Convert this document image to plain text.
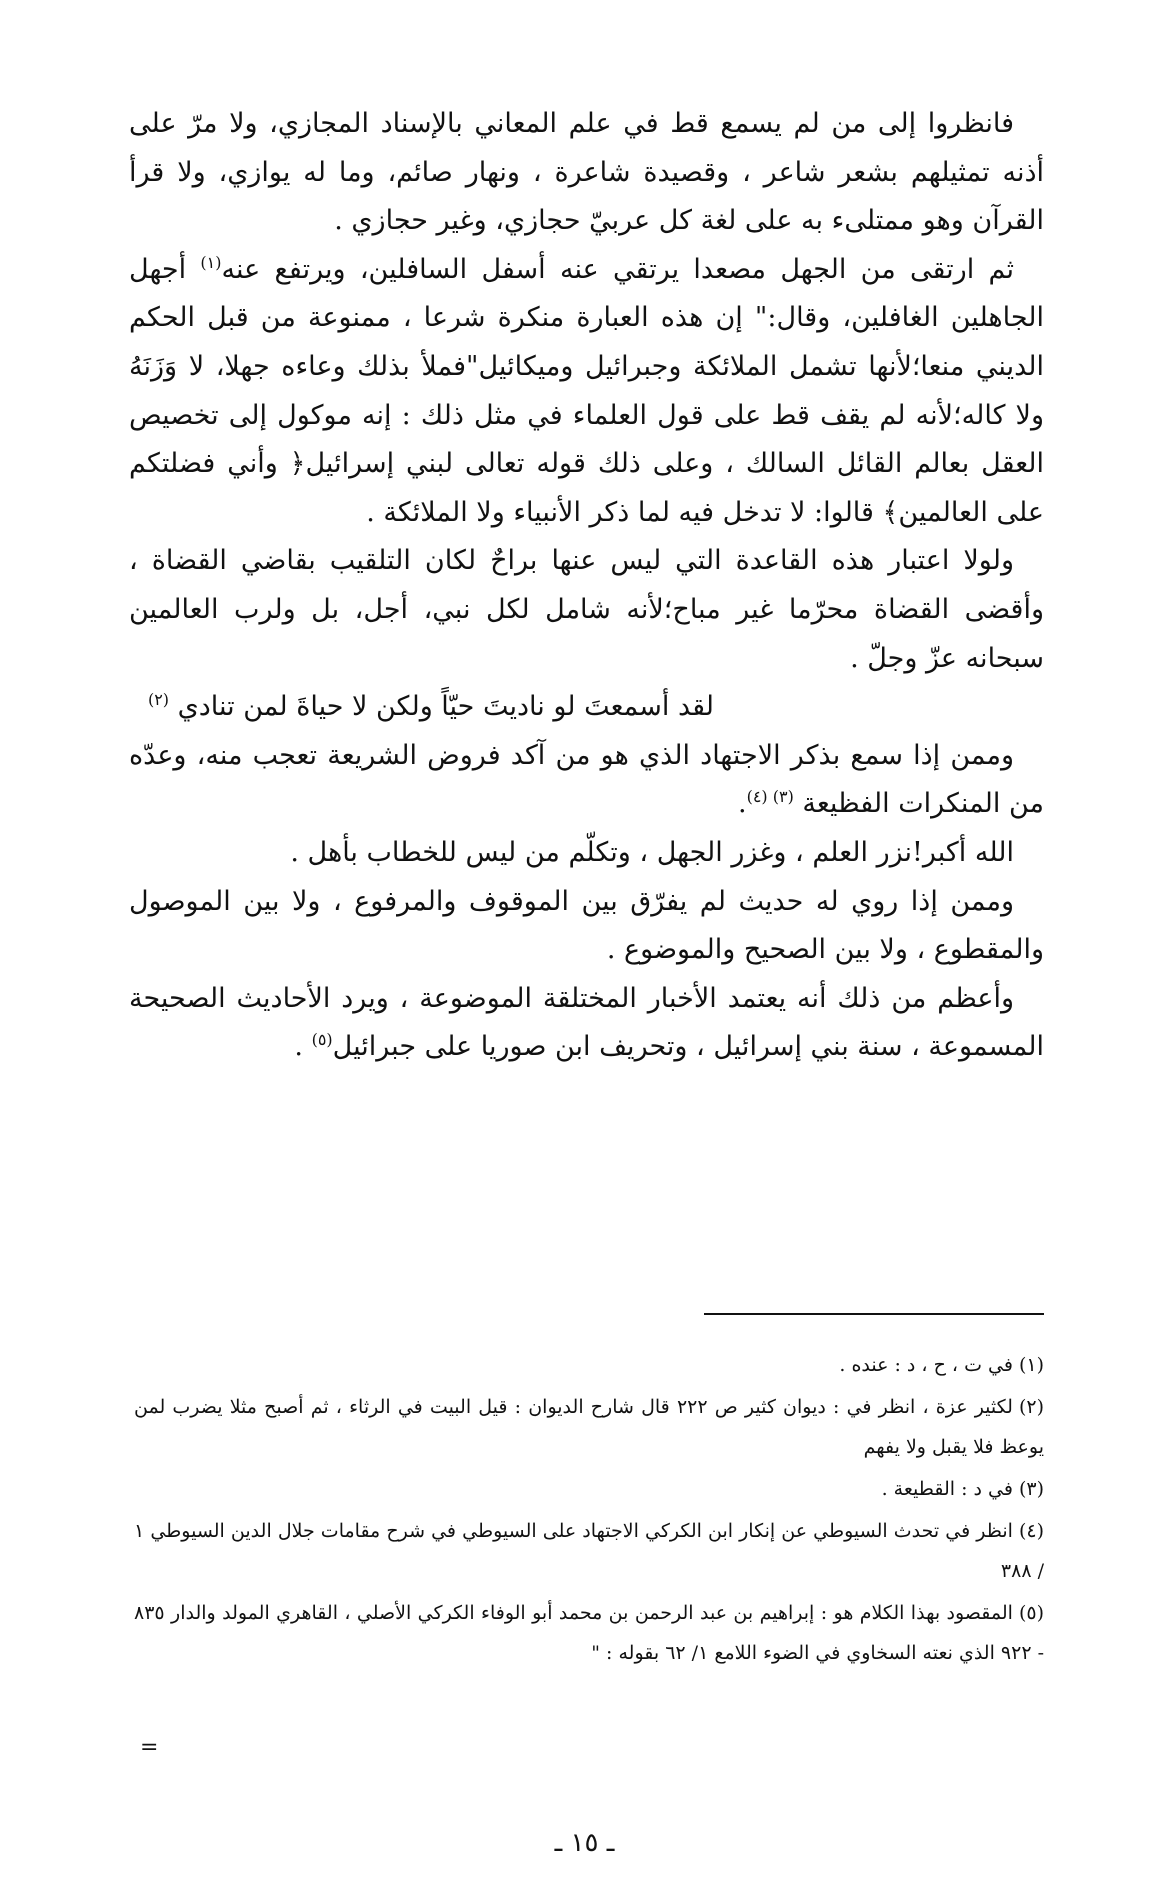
فانظروا إلى من لم يسمع قط في علم المعاني بالإسناد المجازي، ولا مرّ على أذنه تمثيلهم بشعر شاعر ، وقصيدة شاعرة ، ونهار صائم، وما له يوازي، ولا قرأ القرآن وهو ممتلىء به على لغة كل عربيّ حجازي، وغير حجازي .

ثم ارتقى من الجهل مصعدا يرتقي عنه أسفل السافلين، ويرتفع عنه$^{(١)}$ أجهل الجاهلين الغافلين، وقال:" إن هذه العبارة منكرة شرعا ، ممنوعة من قبل الحكم الديني منعا؛لأنها تشمل الملائكة وجبرائيل وميكائيل"فملأ بذلك وعاءه جهلا، لا وَزَنَهُ ولا كاله؛لأنه لم يقف قط على قول العلماء في مثل ذلك : إنه موكول إلى تخصيص العقل بعالم القائل السالك ، وعلى ذلك قوله تعالى لبني إسرائيل﴿ وأني فضلتكم على العالمين﴾ قالوا: لا تدخل فيه لما ذكر الأنبياء ولا الملائكة .

ولولا اعتبار هذه القاعدة التي ليس عنها براحٌ لكان التلقيب بقاضي القضاة ، وأقضى القضاة محرّما غير مباح؛لأنه شامل لكل نبي، أجل، بل ولرب العالمين سبحانه عزّ وجلّ .

لقد أسمعتَ لو ناديتَ حيّاً ولكن لا حياةَ لمن تنادي $^{(٢)}$

وممن إذا سمع بذكر الاجتهاد الذي هو من آكد فروض الشريعة تعجب منه، وعدّه من المنكرات الفظيعة $^{(٣) (٤)}$.

الله أكبر!نزر العلم ، وغزر الجهل ، وتكلّم من ليس للخطاب بأهل .

وممن إذا روي له حديث لم يفرّق بين الموقوف والمرفوع ، ولا بين الموصول والمقطوع ، ولا بين الصحيح والموضوع .

وأعظم من ذلك أنه يعتمد الأخبار المختلقة الموضوعة ، ويرد الأحاديث الصحيحة المسموعة ، سنة بني إسرائيل ، وتحريف ابن صوريا على جبرائيل$^{(٥)}$ .

(١)في ت ، ح ، د : عنده .

(٢)لكثير عزة ، انظر في : ديوان كثير ص ٢٢٢ قال شارح الديوان : قيل البيت في الرثاء ، ثم أصبح مثلا يضرب لمن يوعظ فلا يقبل ولا يفهم

(٣)في د : القطيعة .

(٤)انظر في تحدث السيوطي عن إنكار ابن الكركي الاجتهاد على السيوطي في شرح مقامات جلال الدين السيوطي ١ / ٣٨٨

(٥)المقصود بهذا الكلام هو : إبراهيم بن عبد الرحمن بن محمد أبو الوفاء الكركي الأصلي ، القاهري المولد والدار ٨٣٥ - ٩٢٢ الذي نعته السخاوي في الضوء اللامع ١/ ٦٢ بقوله : "

=
ـ ١٥ ـ
